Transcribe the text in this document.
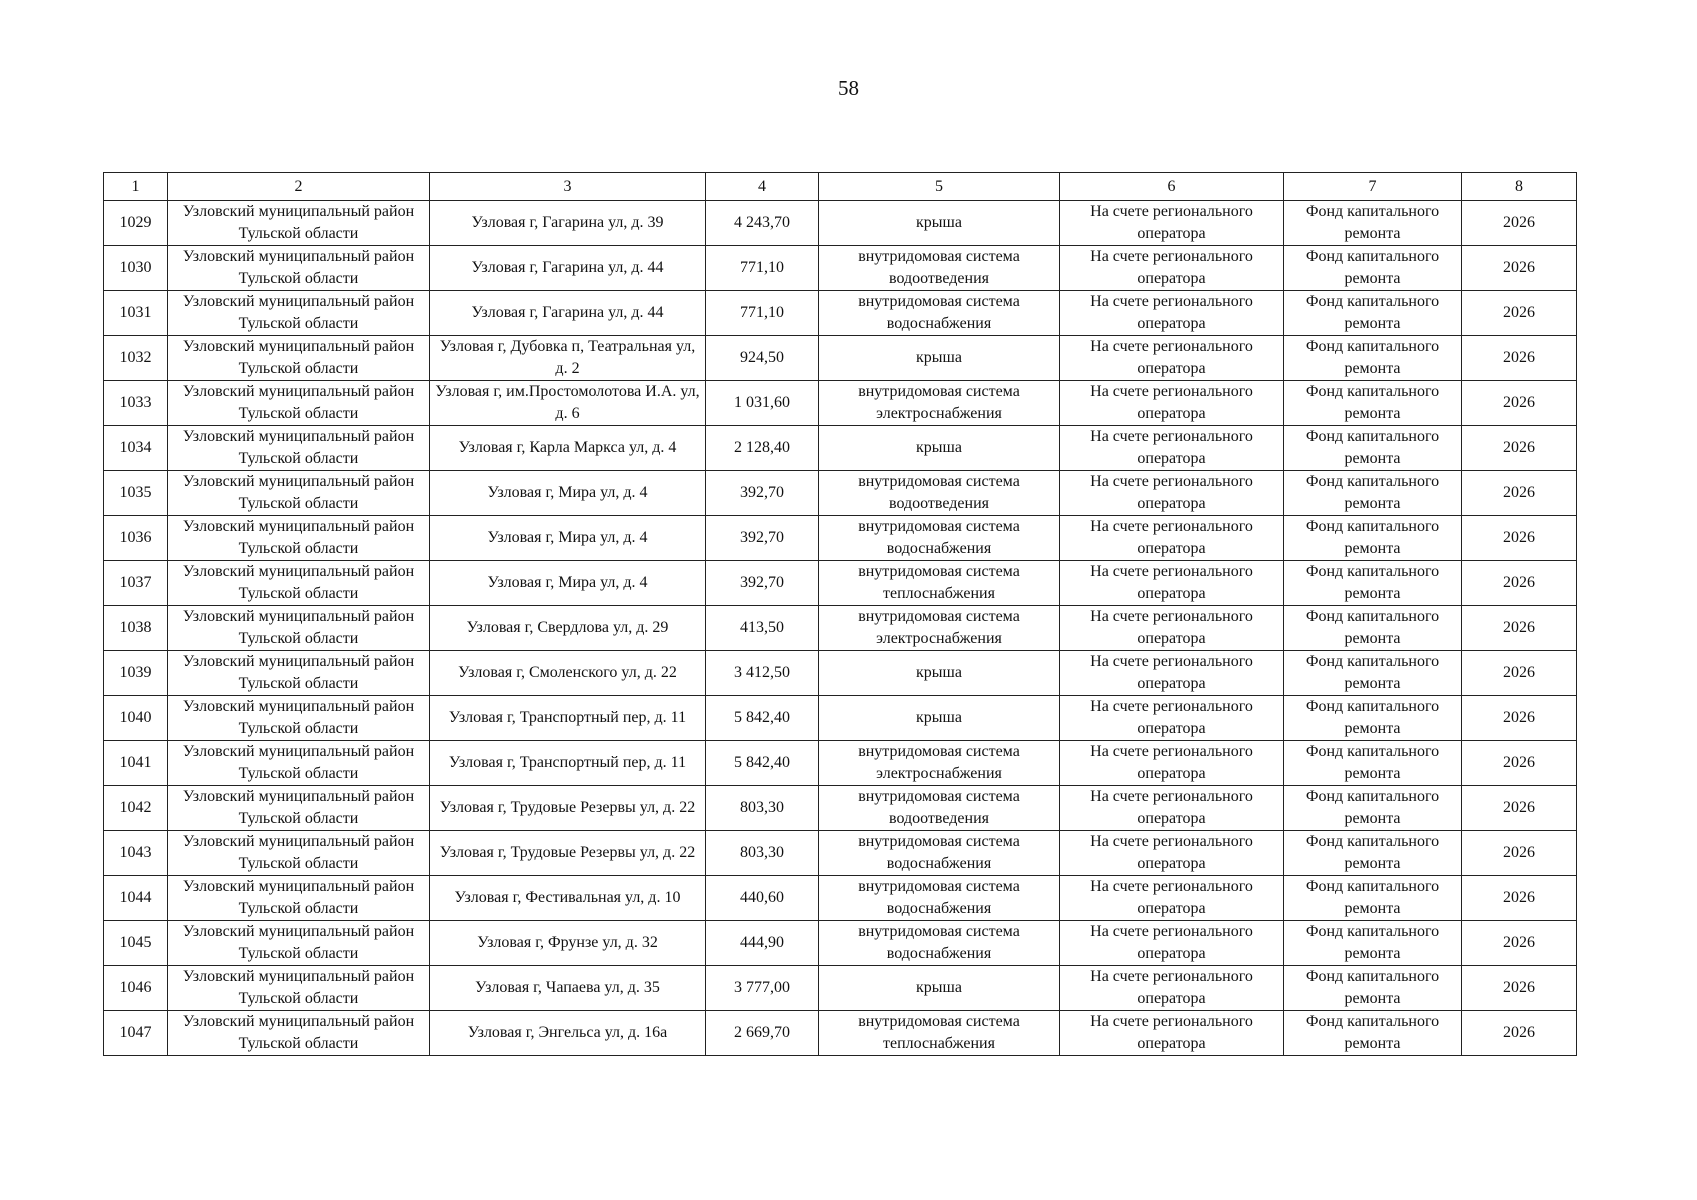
58
1	2	3	4	5	6	7	8
1029	Узловский муниципальный район Тульской области	Узловая г, Гагарина ул, д. 39	4 243,70	крыша	На счете регионального оператора	Фонд капитального ремонта	2026
1030	Узловский муниципальный район Тульской области	Узловая г, Гагарина ул, д. 44	771,10	внутридомовая система водоотведения	На счете регионального оператора	Фонд капитального ремонта	2026
1031	Узловский муниципальный район Тульской области	Узловая г, Гагарина ул, д. 44	771,10	внутридомовая система водоснабжения	На счете регионального оператора	Фонд капитального ремонта	2026
1032	Узловский муниципальный район Тульской области	Узловая г, Дубовка п, Театральная ул, д. 2	924,50	крыша	На счете регионального оператора	Фонд капитального ремонта	2026
1033	Узловский муниципальный район Тульской области	Узловая г, им.Простомолотова И.А. ул, д. 6	1 031,60	внутридомовая система электроснабжения	На счете регионального оператора	Фонд капитального ремонта	2026
1034	Узловский муниципальный район Тульской области	Узловая г, Карла Маркса ул, д. 4	2 128,40	крыша	На счете регионального оператора	Фонд капитального ремонта	2026
1035	Узловский муниципальный район Тульской области	Узловая г, Мира ул, д. 4	392,70	внутридомовая система водоотведения	На счете регионального оператора	Фонд капитального ремонта	2026
1036	Узловский муниципальный район Тульской области	Узловая г, Мира ул, д. 4	392,70	внутридомовая система водоснабжения	На счете регионального оператора	Фонд капитального ремонта	2026
1037	Узловский муниципальный район Тульской области	Узловая г, Мира ул, д. 4	392,70	внутридомовая система теплоснабжения	На счете регионального оператора	Фонд капитального ремонта	2026
1038	Узловский муниципальный район Тульской области	Узловая г, Свердлова ул, д. 29	413,50	внутридомовая система электроснабжения	На счете регионального оператора	Фонд капитального ремонта	2026
1039	Узловский муниципальный район Тульской области	Узловая г, Смоленского ул, д. 22	3 412,50	крыша	На счете регионального оператора	Фонд капитального ремонта	2026
1040	Узловский муниципальный район Тульской области	Узловая г, Транспортный пер, д. 11	5 842,40	крыша	На счете регионального оператора	Фонд капитального ремонта	2026
1041	Узловский муниципальный район Тульской области	Узловая г, Транспортный пер, д. 11	5 842,40	внутридомовая система электроснабжения	На счете регионального оператора	Фонд капитального ремонта	2026
1042	Узловский муниципальный район Тульской области	Узловая г, Трудовые Резервы ул, д. 22	803,30	внутридомовая система водоотведения	На счете регионального оператора	Фонд капитального ремонта	2026
1043	Узловский муниципальный район Тульской области	Узловая г, Трудовые Резервы ул, д. 22	803,30	внутридомовая система водоснабжения	На счете регионального оператора	Фонд капитального ремонта	2026
1044	Узловский муниципальный район Тульской области	Узловая г, Фестивальная ул, д. 10	440,60	внутридомовая система водоснабжения	На счете регионального оператора	Фонд капитального ремонта	2026
1045	Узловский муниципальный район Тульской области	Узловая г, Фрунзе ул, д. 32	444,90	внутридомовая система водоснабжения	На счете регионального оператора	Фонд капитального ремонта	2026
1046	Узловский муниципальный район Тульской области	Узловая г, Чапаева ул, д. 35	3 777,00	крыша	На счете регионального оператора	Фонд капитального ремонта	2026
1047	Узловский муниципальный район Тульской области	Узловая г, Энгельса ул, д. 16а	2 669,70	внутридомовая система теплоснабжения	На счете регионального оператора	Фонд капитального ремонта	2026
